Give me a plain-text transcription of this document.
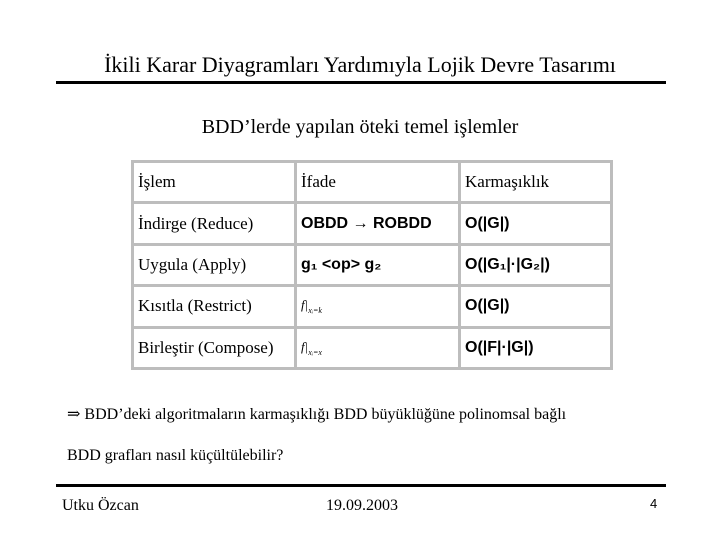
İkili Karar Diyagramları Yardımıyla Lojik Devre Tasarımı
BDD’lerde yapılan öteki temel işlemler
İşlem	İfade	Karmaşıklık
İndirge (Reduce)	OBDD → ROBDD	O(|G|)
Uygula (Apply)	g₁ <op> g₂	O(|G₁|·|G₂|)
Kısıtla (Restrict)	$f|_{xᵢ=k}$	O(|G|)
Birleştir (Compose)	$f|_{xᵢ=x}$	O(|F|·|G|)
⇒ BDD’deki algoritmaların karmaşıklığı BDD büyüklüğüne polinomsal bağlı
BDD grafları nasıl küçültülebilir?
Utku Özcan	19.09.2003	4
